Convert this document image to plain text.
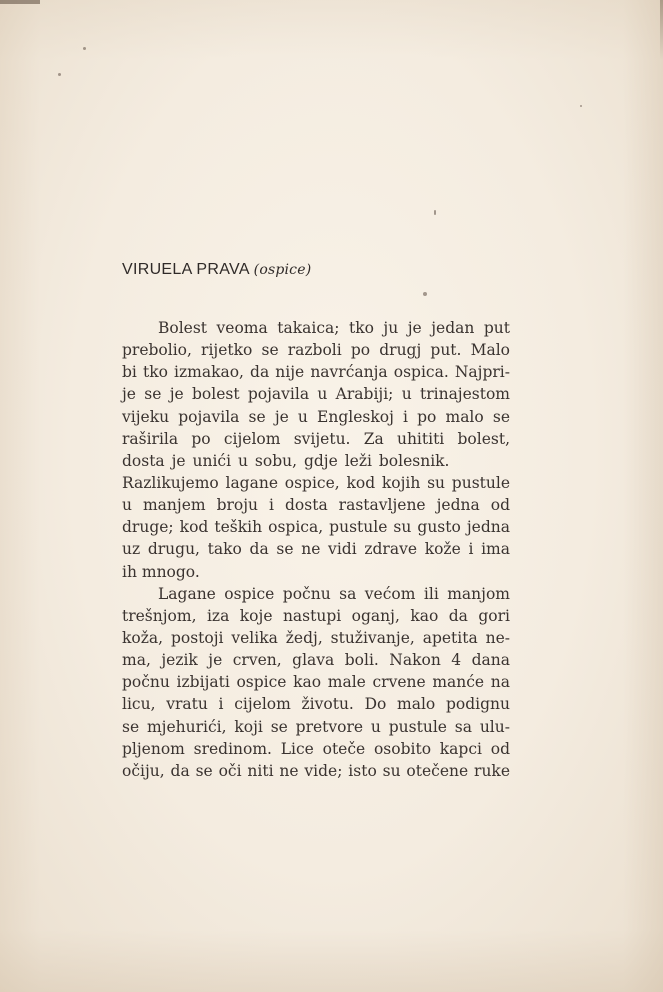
VIRUELA PRAVA (ospice)

Bolest veoma takaica; tko ju je jedan put
prebolio, rijetko se razboli po drugj put. Malo
bi tko izmakao, da nije navrćanja ospica. Najpri-
je se je bolest pojavila u Arabiji; u trinajestom
vijeku pojavila se je u Engleskoj i po malo se
raširila po cijelom svijetu. Za uhititi bolest,
dosta je unići u sobu, gdje leži bolesnik.
Razlikujemo lagane ospice, kod kojih su pustule
u manjem broju i dosta rastavljene jedna od
druge; kod teških ospica, pustule su gusto jedna
uz drugu, tako da se ne vidi zdrave kože i ima
ih mnogo.

Lagane ospice počnu sa većom ili manjom
trešnjom, iza koje nastupi oganj, kao da gori
koža, postoji velika žedj, stuživanje, apetita ne-
ma, jezik je crven, glava boli. Nakon 4 dana
počnu izbijati ospice kao male crvene manće na
licu, vratu i cijelom životu. Do malo podignu
se mjehurići, koji se pretvore u pustule sa ulu-
pljenom sredinom. Lice oteče osobito kapci od
očiju, da se oči niti ne vide; isto su otečene ruke
